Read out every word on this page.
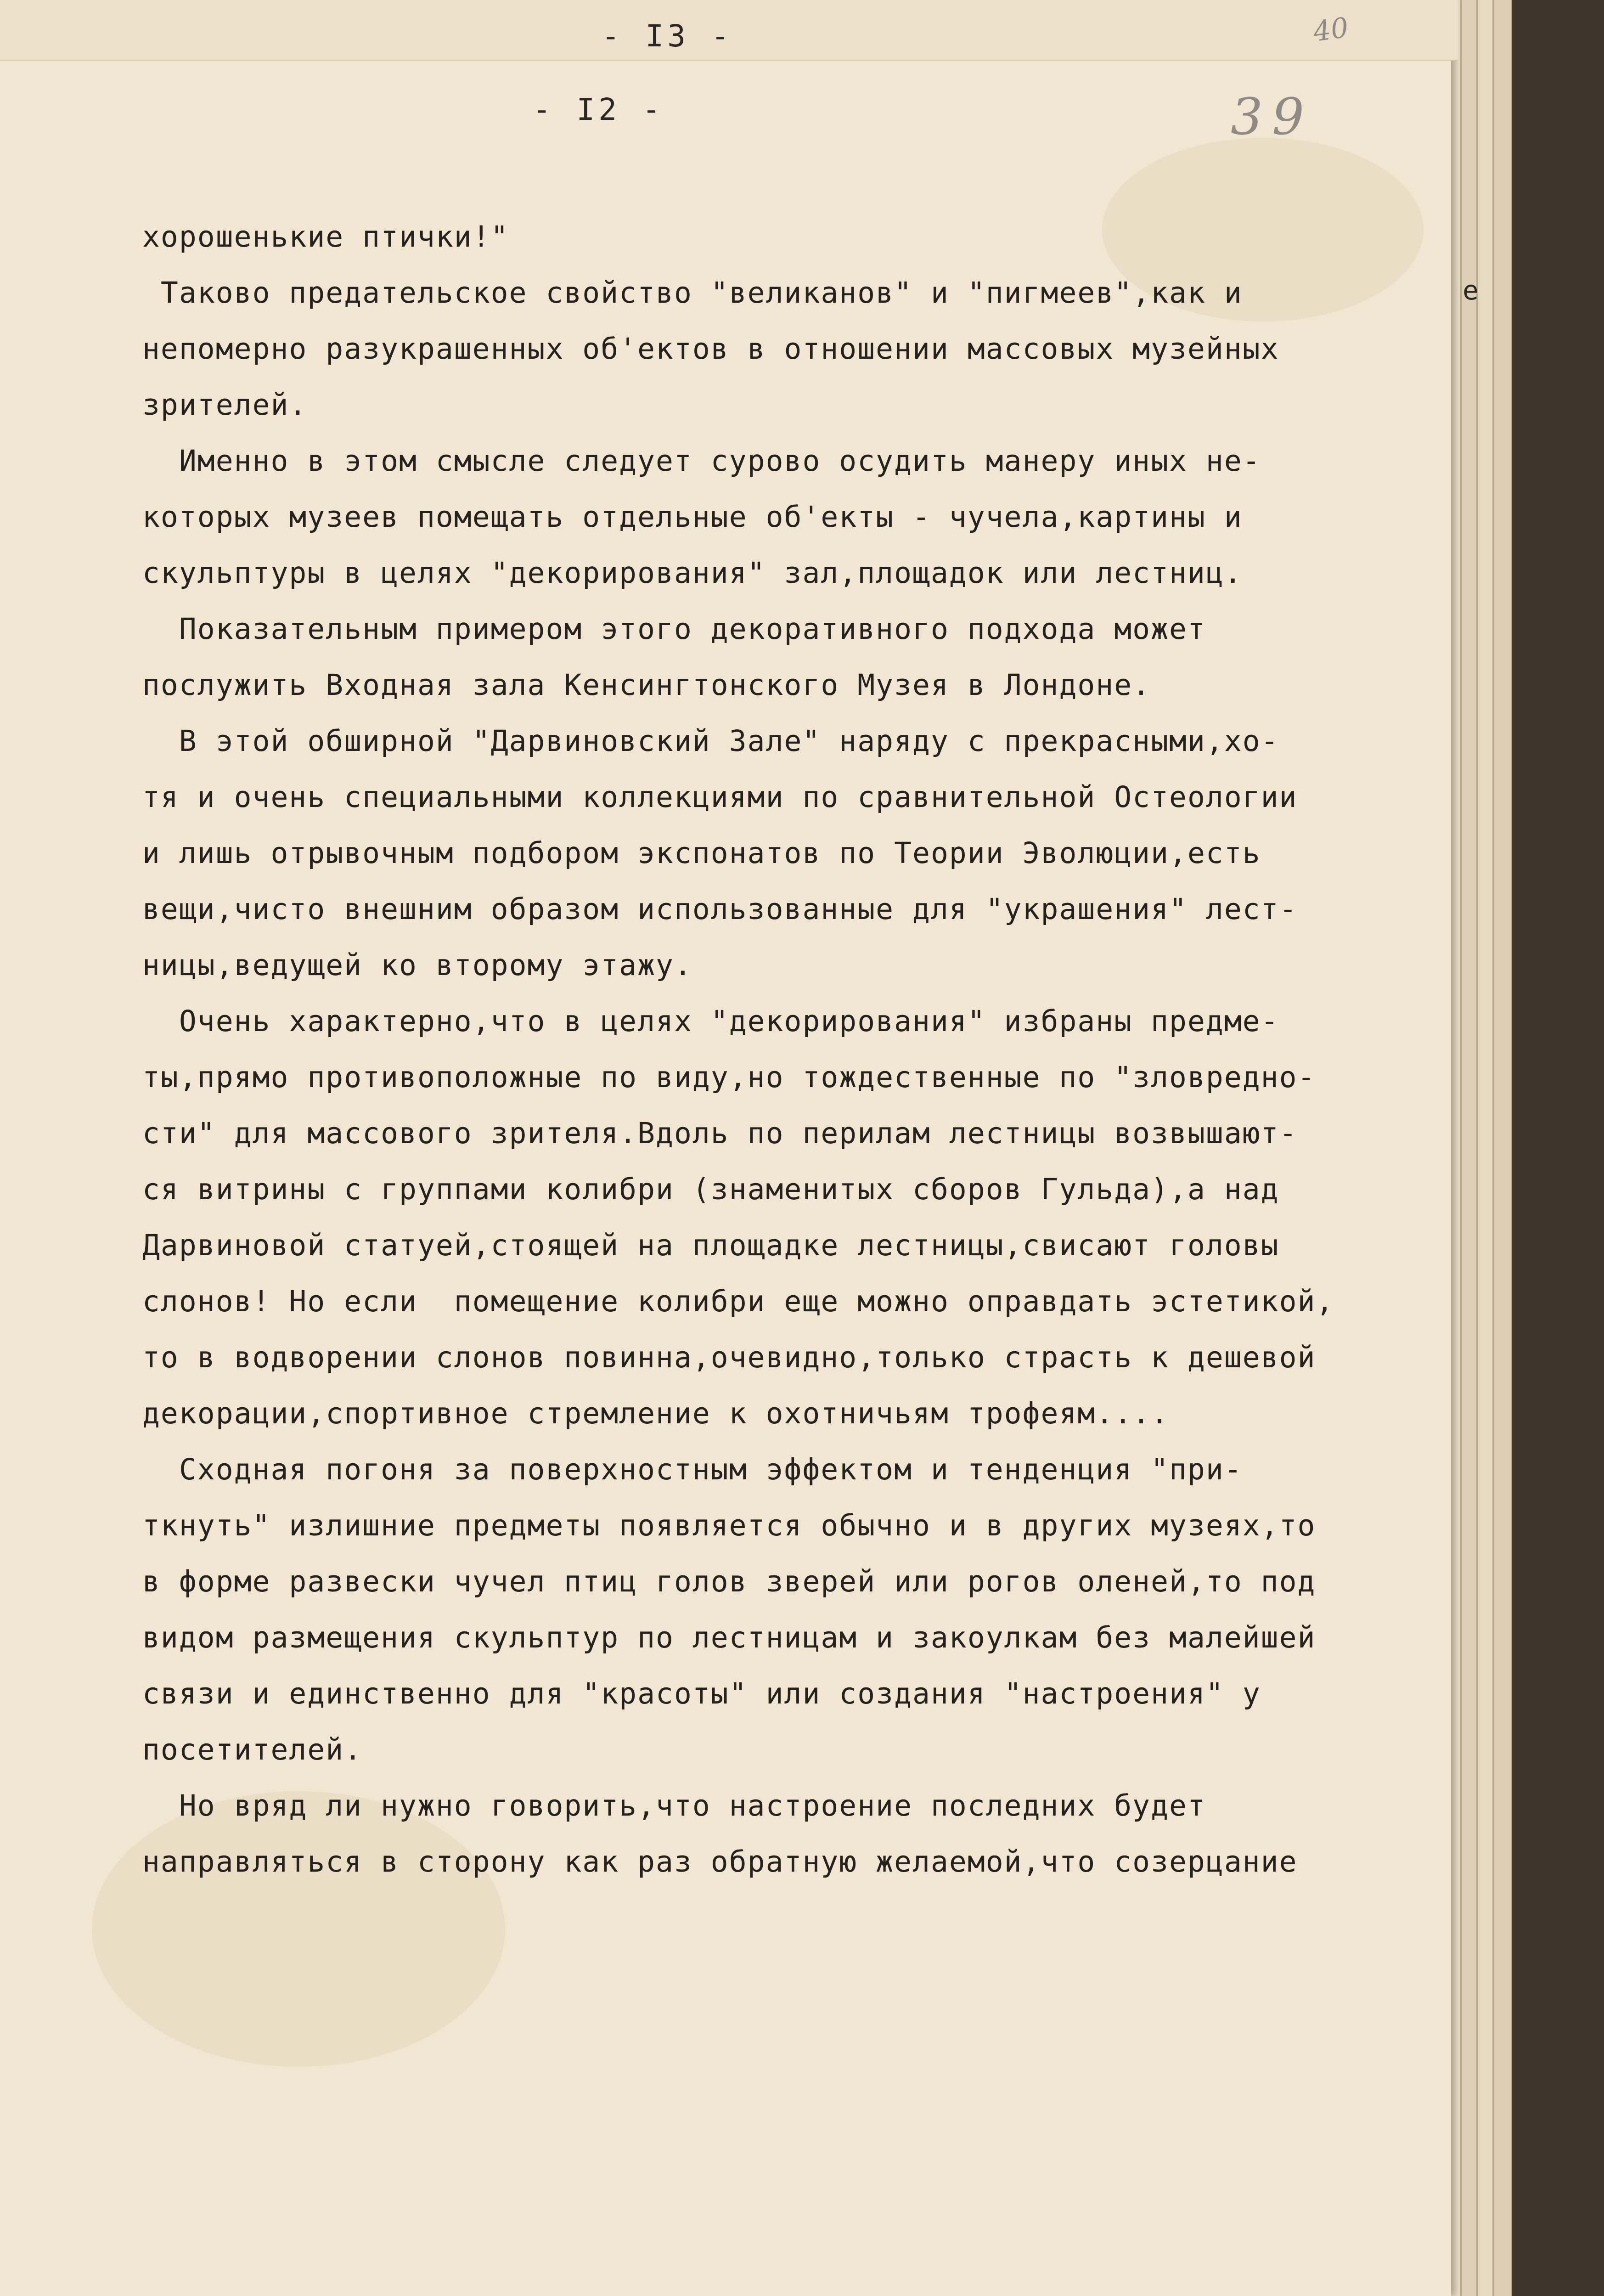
- I3 -	40
- I2 -	39
хорошенькие птички!"
Таково предательское свойство "великанов" и "пигмеев",как и
непомерно разукрашенных об'ектов в отношении массовых музейных
зрителей.
Именно в этом смысле следует сурово осудить манеру иных не-
которых музеев помещать отдельные об'екты - чучела,картины и
скульптуры в целях "декорирования" зал,площадок или лестниц.
Показательным примером этого декоративного подхода может
послужить Входная зала Кенсингтонского Музея в Лондоне.
В этой обширной "Дарвиновский Зале" наряду с прекрасными,хо-
тя и очень специальными коллекциями по сравнительной Остеологии
и лишь отрывочным подбором экспонатов по Теории Эволюции,есть
вещи,чисто внешним образом использованные для "украшения" лест-
ницы,ведущей ко второму этажу.
Очень характерно,что в целях "декорирования" избраны предме-
ты,прямо противоположные по виду,но тождественные по "зловредно-
сти" для массового зрителя.Вдоль по перилам лестницы возвышают-
ся витрины с группами колибри (знаменитых сборов Гульда),а над
Дарвиновой статуей,стоящей на площадке лестницы,свисают головы
слонов! Но если  помещение колибри еще можно оправдать эстетикой,
то в водворении слонов повинна,очевидно,только страсть к дешевой
декорации,спортивное стремление к охотничьям трофеям....
Сходная погоня за поверхностным эффектом и тенденция "при-
ткнуть" излишние предметы появляется обычно и в других музеях,то
в форме развески чучел птиц голов зверей или рогов оленей,то под
видом размещения скульптур по лестницам и закоулкам без малейшей
связи и единственно для "красоты" или создания "настроения" у
посетителей.
Но вряд ли нужно говорить,что настроение последних будет
направляться в сторону как раз обратную желаемой,что созерцание
е
